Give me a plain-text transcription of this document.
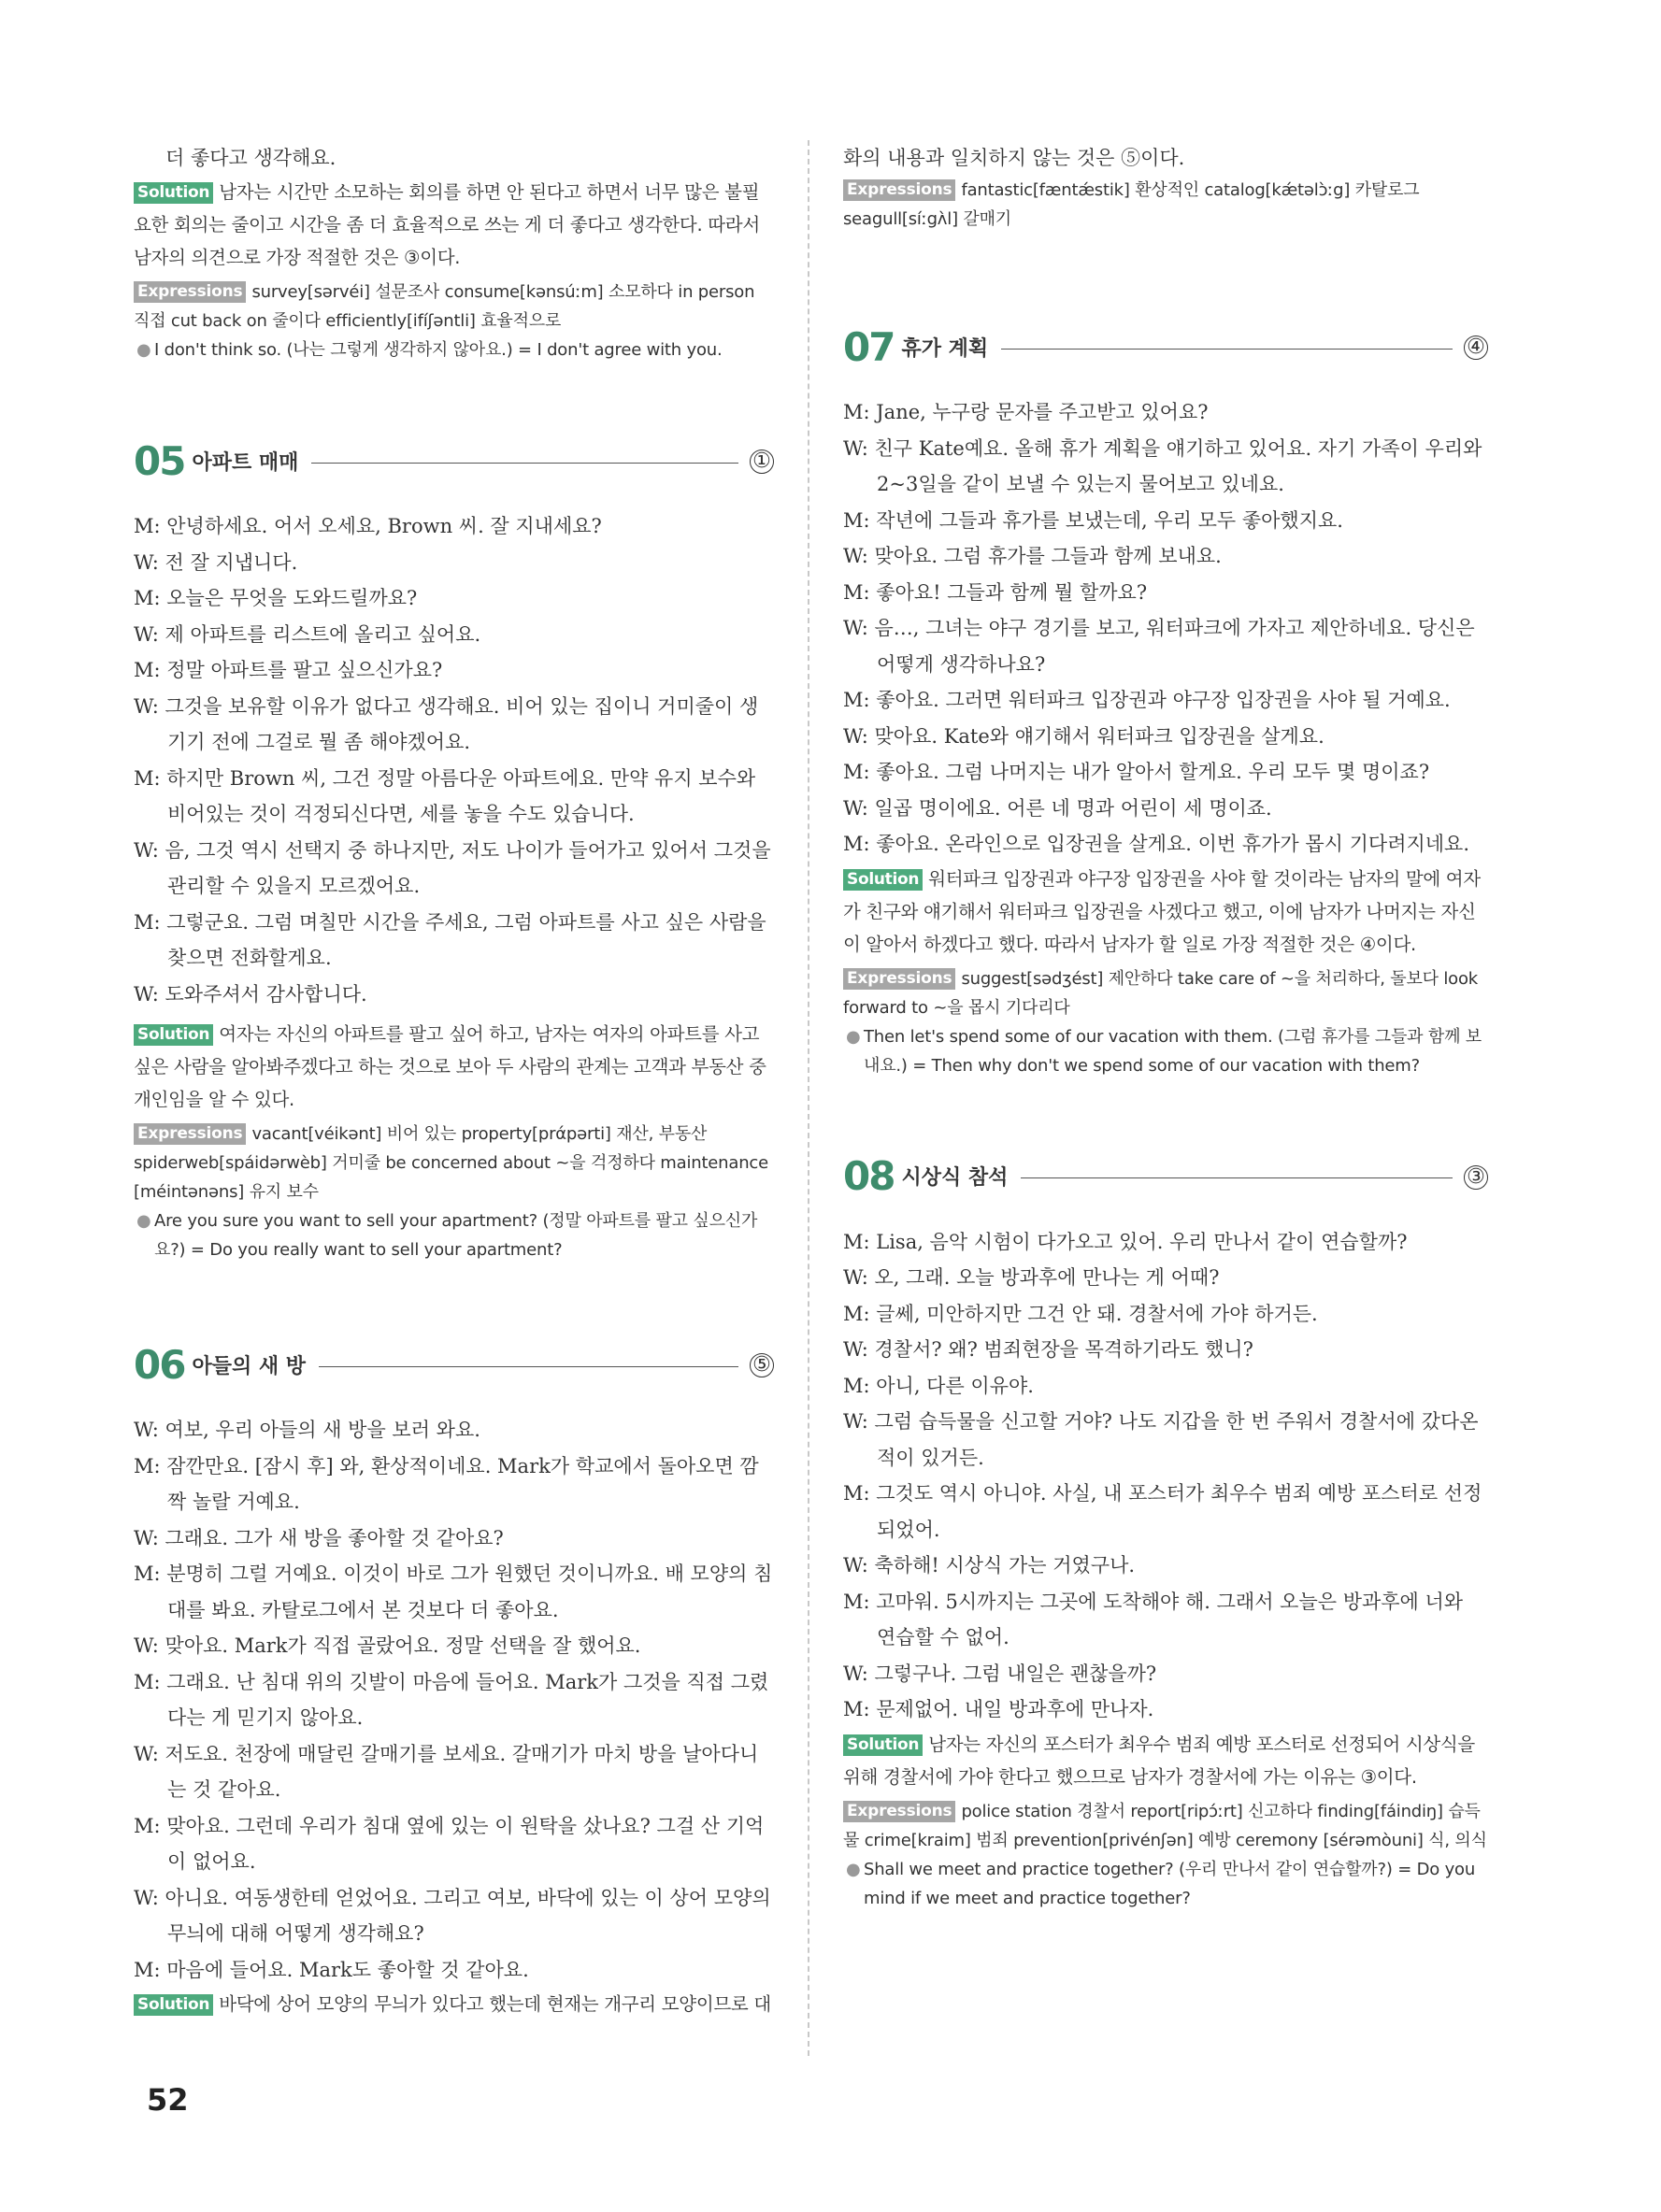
더 좋다고 생각해요.

Solution 남자는 시간만 소모하는 회의를 하면 안 된다고 하면서 너무 많은 불필요한 회의는 줄이고 시간을 좀 더 효율적으로 쓰는 게 더 좋다고 생각한다. 따라서 남자의 의견으로 가장 적절한 것은 ③이다.

Expressions survey[sərvéi] 설문조사 consume[kənsúːm] 소모하다 in person 직접 cut back on 줄이다 efficiently[ifíʃəntli] 효율적으로

● I don't think so. (나는 그렇게 생각하지 않아요.) = I don't agree with you.

05 아파트 매매	①

M: 안녕하세요. 어서 오세요, Brown 씨. 잘 지내세요?

W: 전 잘 지냅니다.

M: 오늘은 무엇을 도와드릴까요?

W: 제 아파트를 리스트에 올리고 싶어요.

M: 정말 아파트를 팔고 싶으신가요?

W: 그것을 보유할 이유가 없다고 생각해요. 비어 있는 집이니 거미줄이 생기기 전에 그걸로 뭘 좀 해야겠어요.

M: 하지만 Brown 씨, 그건 정말 아름다운 아파트에요. 만약 유지 보수와 비어있는 것이 걱정되신다면, 세를 놓을 수도 있습니다.

W: 음, 그것 역시 선택지 중 하나지만, 저도 나이가 들어가고 있어서 그것을 관리할 수 있을지 모르겠어요.

M: 그렇군요. 그럼 며칠만 시간을 주세요, 그럼 아파트를 사고 싶은 사람을 찾으면 전화할게요.

W: 도와주셔서 감사합니다.

Solution 여자는 자신의 아파트를 팔고 싶어 하고, 남자는 여자의 아파트를 사고 싶은 사람을 알아봐주겠다고 하는 것으로 보아 두 사람의 관계는 고객과 부동산 중개인임을 알 수 있다.

Expressions vacant[véikənt] 비어 있는 property[prάpərti] 재산, 부동산 spiderweb[spáidərwèb] 거미줄 be concerned about ~을 걱정하다 maintenance [méintənəns] 유지 보수

● Are you sure you want to sell your apartment? (정말 아파트를 팔고 싶으신가요?) = Do you really want to sell your apartment?

06 아들의 새 방	⑤

W: 여보, 우리 아들의 새 방을 보러 와요.

M: 잠깐만요. [잠시 후] 와, 환상적이네요. Mark가 학교에서 돌아오면 깜짝 놀랄 거예요.

W: 그래요. 그가 새 방을 좋아할 것 같아요?

M: 분명히 그럴 거예요. 이것이 바로 그가 원했던 것이니까요. 배 모양의 침대를 봐요. 카탈로그에서 본 것보다 더 좋아요.

W: 맞아요. Mark가 직접 골랐어요. 정말 선택을 잘 했어요.

M: 그래요. 난 침대 위의 깃발이 마음에 들어요. Mark가 그것을 직접 그렸다는 게 믿기지 않아요.

W: 저도요. 천장에 매달린 갈매기를 보세요. 갈매기가 마치 방을 날아다니는 것 같아요.

M: 맞아요. 그런데 우리가 침대 옆에 있는 이 원탁을 샀나요? 그걸 산 기억이 없어요.

W: 아니요. 여동생한테 얻었어요. 그리고 여보, 바닥에 있는 이 상어 모양의 무늬에 대해 어떻게 생각해요?

M: 마음에 들어요. Mark도 좋아할 것 같아요.

Solution 바닥에 상어 모양의 무늬가 있다고 했는데 현재는 개구리 모양이므로 대

화의 내용과 일치하지 않는 것은 ⑤이다.

Expressions fantastic[fæntǽstik] 환상적인 catalog[kǽtəlɔ̀ːg] 카탈로그 seagull[síːgʌ̀l] 갈매기

07 휴가 계획	④

M: Jane, 누구랑 문자를 주고받고 있어요?

W: 친구 Kate예요. 올해 휴가 계획을 얘기하고 있어요. 자기 가족이 우리와 2~3일을 같이 보낼 수 있는지 물어보고 있네요.

M: 작년에 그들과 휴가를 보냈는데, 우리 모두 좋아했지요.

W: 맞아요. 그럼 휴가를 그들과 함께 보내요.

M: 좋아요! 그들과 함께 뭘 할까요?

W: 음…, 그녀는 야구 경기를 보고, 워터파크에 가자고 제안하네요. 당신은 어떻게 생각하나요?

M: 좋아요. 그러면 워터파크 입장권과 야구장 입장권을 사야 될 거예요.

W: 맞아요. Kate와 얘기해서 워터파크 입장권을 살게요.

M: 좋아요. 그럼 나머지는 내가 알아서 할게요. 우리 모두 몇 명이죠?

W: 일곱 명이에요. 어른 네 명과 어린이 세 명이죠.

M: 좋아요. 온라인으로 입장권을 살게요. 이번 휴가가 몹시 기다려지네요.

Solution 워터파크 입장권과 야구장 입장권을 사야 할 것이라는 남자의 말에 여자가 친구와 얘기해서 워터파크 입장권을 사겠다고 했고, 이에 남자가 나머지는 자신이 알아서 하겠다고 했다. 따라서 남자가 할 일로 가장 적절한 것은 ④이다.

Expressions suggest[sədʒést] 제안하다 take care of ~을 처리하다, 돌보다 look forward to ~을 몹시 기다리다

● Then let's spend some of our vacation with them. (그럼 휴가를 그들과 함께 보내요.) = Then why don't we spend some of our vacation with them?

08 시상식 참석	③

M: Lisa, 음악 시험이 다가오고 있어. 우리 만나서 같이 연습할까?

W: 오, 그래. 오늘 방과후에 만나는 게 어때?

M: 글쎄, 미안하지만 그건 안 돼. 경찰서에 가야 하거든.

W: 경찰서? 왜? 범죄현장을 목격하기라도 했니?

M: 아니, 다른 이유야.

W: 그럼 습득물을 신고할 거야? 나도 지갑을 한 번 주워서 경찰서에 갔다온 적이 있거든.

M: 그것도 역시 아니야. 사실, 내 포스터가 최우수 범죄 예방 포스터로 선정되었어.

W: 축하해! 시상식 가는 거였구나.

M: 고마워. 5시까지는 그곳에 도착해야 해. 그래서 오늘은 방과후에 너와 연습할 수 없어.

W: 그렇구나. 그럼 내일은 괜찮을까?

M: 문제없어. 내일 방과후에 만나자.

Solution 남자는 자신의 포스터가 최우수 범죄 예방 포스터로 선정되어 시상식을 위해 경찰서에 가야 한다고 했으므로 남자가 경찰서에 가는 이유는 ③이다.

Expressions police station 경찰서 report[ripɔ́ːrt] 신고하다 finding[fáindiŋ] 습득물 crime[kraim] 범죄 prevention[privénʃən] 예방 ceremony [sérəmòuni] 식, 의식

● Shall we meet and practice together? (우리 만나서 같이 연습할까?) = Do you mind if we meet and practice together?

52
